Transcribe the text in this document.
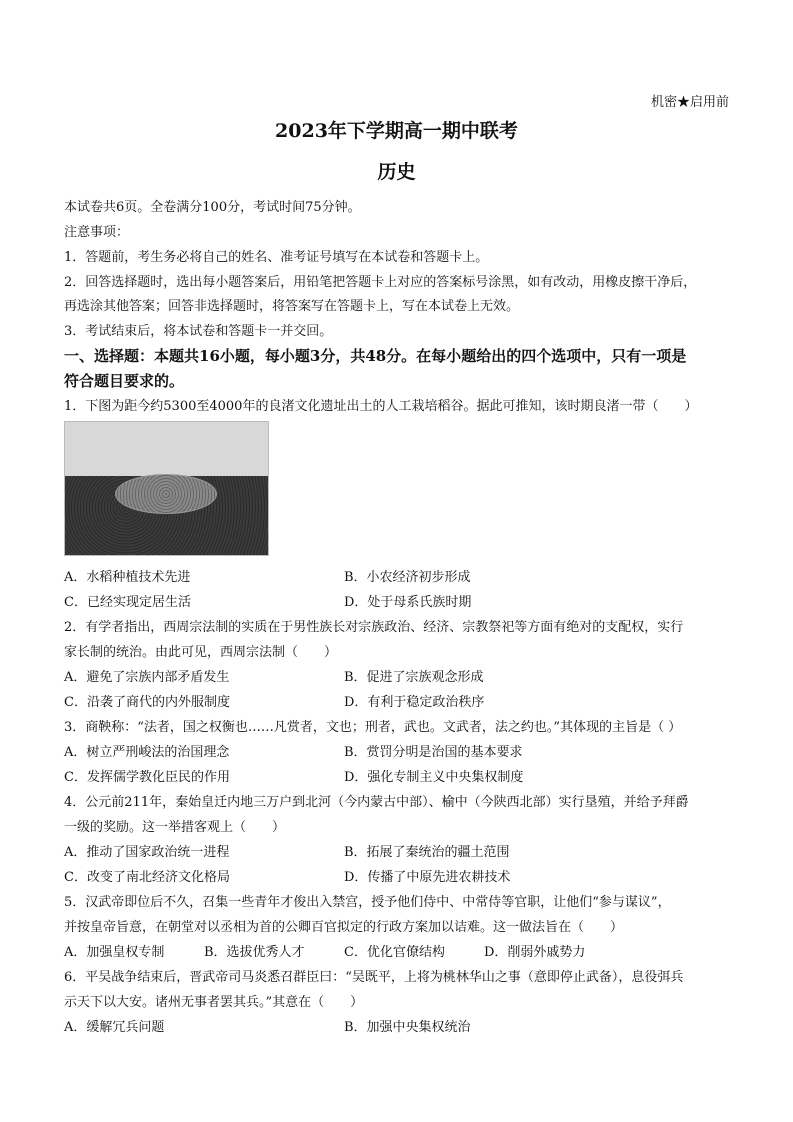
机密★启用前
2023年下学期高一期中联考
历史
本试卷共6页。全卷满分100分，考试时间75分钟。
注意事项：
1．答题前，考生务必将自己的姓名、准考证号填写在本试卷和答题卡上。
2．回答选择题时，选出每小题答案后，用铅笔把答题卡上对应的答案标号涂黑，如有改动，用橡皮擦干净后，
再选涂其他答案；回答非选择题时，将答案写在答题卡上，写在本试卷上无效。
3．考试结束后，将本试卷和答题卡一并交回。
一、选择题：本题共16小题，每小题3分，共48分。在每小题给出的四个选项中，只有一项是
符合题目要求的。
1．下图为距今约5300至4000年的良渚文化遗址出土的人工栽培稻谷。据此可推知，该时期良渚一带（　　）
A．水稻种植技术先进	B．小农经济初步形成
C．已经实现定居生活	D．处于母系氏族时期
2．有学者指出，西周宗法制的实质在于男性族长对宗族政治、经济、宗教祭祀等方面有绝对的支配权，实行
家长制的统治。由此可见，西周宗法制（　　）
A．避免了宗族内部矛盾发生	B．促进了宗族观念形成
C．沿袭了商代的内外服制度	D．有利于稳定政治秩序
3．商鞅称：“法者，国之权衡也……凡赏者，文也；刑者，武也。文武者，法之约也。”其体现的主旨是（ ）
A．树立严刑峻法的治国理念	B．赏罚分明是治国的基本要求
C．发挥儒学教化臣民的作用	D．强化专制主义中央集权制度
4．公元前211年，秦始皇迁内地三万户到北河（今内蒙古中部）、榆中（今陕西北部）实行垦殖，并给予拜爵
一级的奖励。这一举措客观上（　　）
A．推动了国家政治统一进程	B．拓展了秦统治的疆土范围
C．改变了南北经济文化格局	D．传播了中原先进农耕技术
5．汉武帝即位后不久，召集一些青年才俊出入禁宫，授予他们侍中、中常侍等官职，让他们“参与谋议”，
并按皇帝旨意，在朝堂对以丞相为首的公卿百官拟定的行政方案加以诘难。这一做法旨在（　　）
A．加强皇权专制	B．选拔优秀人才	C．优化官僚结构	D．削弱外戚势力
6．平吴战争结束后，晋武帝司马炎悉召群臣曰：“吴既平，上将为桃林华山之事（意即停止武备），息役弭兵
示天下以大安。诸州无事者罢其兵。”其意在（　　）
A．缓解冗兵问题	B．加强中央集权统治
